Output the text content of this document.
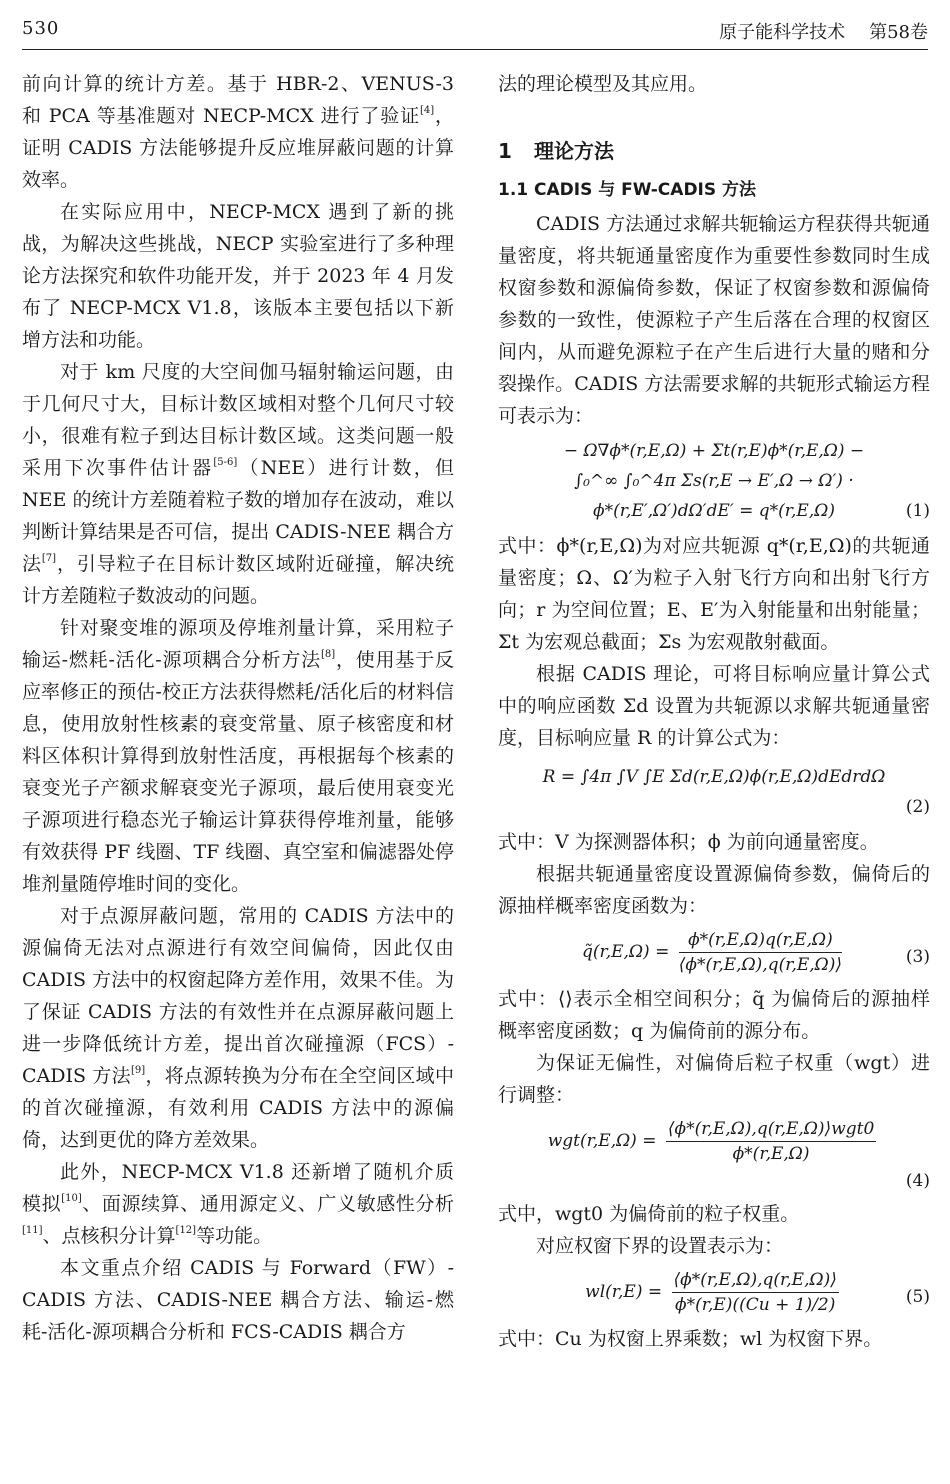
530	原子能科学技术 第58卷

前向计算的统计方差。基于 HBR-2、VENUS-3 和 PCA 等基准题对 NECP-MCX 进行了验证[4]，证明 CADIS 方法能够提升反应堆屏蔽问题的计算效率。

在实际应用中，NECP-MCX 遇到了新的挑战，为解决这些挑战，NECP 实验室进行了多种理论方法探究和软件功能开发，并于 2023 年 4 月发布了 NECP-MCX V1.8，该版本主要包括以下新增方法和功能。

对于 km 尺度的大空间伽马辐射输运问题，由于几何尺寸大，目标计数区域相对整个几何尺寸较小，很难有粒子到达目标计数区域。这类问题一般采用下次事件估计器[5-6]（NEE）进行计数，但 NEE 的统计方差随着粒子数的增加存在波动，难以判断计算结果是否可信，提出 CADIS-NEE 耦合方法[7]，引导粒子在目标计数区域附近碰撞，解决统计方差随粒子数波动的问题。

针对聚变堆的源项及停堆剂量计算，采用粒子输运-燃耗-活化-源项耦合分析方法[8]，使用基于反应率修正的预估-校正方法获得燃耗/活化后的材料信息，使用放射性核素的衰变常量、原子核密度和材料区体积计算得到放射性活度，再根据每个核素的衰变光子产额求解衰变光子源项，最后使用衰变光子源项进行稳态光子输运计算获得停堆剂量，能够有效获得 PF 线圈、TF 线圈、真空室和偏滤器处停堆剂量随停堆时间的变化。

对于点源屏蔽问题，常用的 CADIS 方法中的源偏倚无法对点源进行有效空间偏倚，因此仅由 CADIS 方法中的权窗起降方差作用，效果不佳。为了保证 CADIS 方法的有效性并在点源屏蔽问题上进一步降低统计方差，提出首次碰撞源（FCS）-CADIS 方法[9]，将点源转换为分布在全空间区域中的首次碰撞源，有效利用 CADIS 方法中的源偏倚，达到更优的降方差效果。

此外，NECP-MCX V1.8 还新增了随机介质模拟[10]、面源续算、通用源定义、广义敏感性分析[11]、点核积分计算[12]等功能。

本文重点介绍 CADIS 与 Forward（FW）-CADIS 方法、CADIS-NEE 耦合方法、输运-燃耗-活化-源项耦合分析和 FCS-CADIS 耦合方

法的理论模型及其应用。

1 理论方法
1.1 CADIS 与 FW-CADIS 方法

CADIS 方法通过求解共轭输运方程获得共轭通量密度，将共轭通量密度作为重要性参数同时生成权窗参数和源偏倚参数，保证了权窗参数和源偏倚参数的一致性，使源粒子产生后落在合理的权窗区间内，从而避免源粒子在产生后进行大量的赌和分裂操作。CADIS 方法需要求解的共轭形式输运方程可表示为：

− Ω∇ϕ*(r,E,Ω) + Σt(r,E)ϕ*(r,E,Ω) −
∫₀^∞ ∫₀^4π Σs(r,E → E′,Ω → Ω′) ·
ϕ*(r,E′,Ω′)dΩ′dE′ = q*(r,E,Ω)	(1)

式中：ϕ*(r,E,Ω)为对应共轭源 q*(r,E,Ω)的共轭通量密度；Ω、Ω′为粒子入射飞行方向和出射飞行方向；r 为空间位置；E、E′为入射能量和出射能量；Σt 为宏观总截面；Σs 为宏观散射截面。

根据 CADIS 理论，可将目标响应量计算公式中的响应函数 Σd 设置为共轭源以求解共轭通量密度，目标响应量 R 的计算公式为：

R = ∫4π ∫V ∫E Σd(r,E,Ω)ϕ(r,E,Ω)dEdrdΩ
(2)

式中：V 为探测器体积；ϕ 为前向通量密度。

根据共轭通量密度设置源偏倚参数，偏倚后的源抽样概率密度函数为：

q̃(r,E,Ω) = $\frac{\phi*(r,E,\Omega)q(r,E,\Omega)}{⟨\phi*(r,E,\Omega),q(r,E,\Omega)⟩}$	(3)

式中：⟨⟩表示全相空间积分；q̃ 为偏倚后的源抽样概率密度函数；q 为偏倚前的源分布。

为保证无偏性，对偏倚后粒子权重（wgt）进行调整：

$wgt(r,E,\Omega) = \frac{\text{⟨ϕ*(r,E,Ω),q(r,E,Ω)⟩wgt0}}{\phi*(r,E,\Omega)}$
(4)

式中，wgt0 为偏倚前的粒子权重。

对应权窗下界的设置表示为：

$wl(r,E) = \frac{⟨\phi*(r,E,\Omega),q(r,E,\Omega)⟩}{\phi*(r,E)((Cu + 1)/2)}$	(5)

式中：Cu 为权窗上界乘数；wl 为权窗下界。
